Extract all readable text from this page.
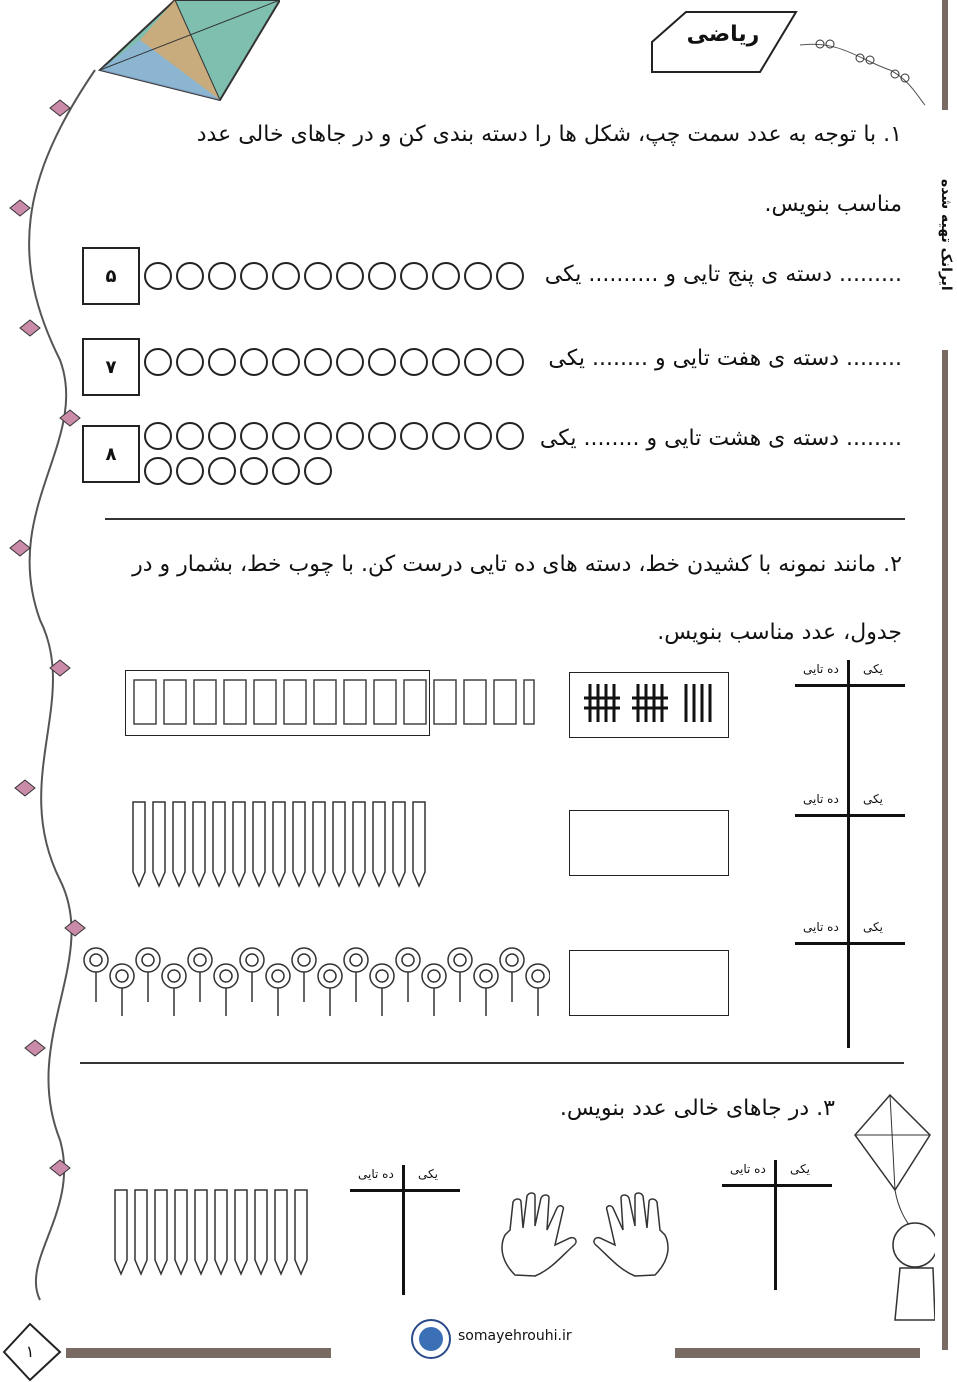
ریاضی
ایرانک تهیه شده
۱. با توجه به عدد سمت چپ، شکل ها را دسته بندی کن و در جاهای خالی عدد
مناسب بنویس.
......... دسته ی پنج تایی و .......... یکی
۵
........ دسته ی هفت تایی و ........ یکی
۷
........ دسته ی هشت تایی و ........ یکی
۸
۲. مانند نمونه با کشیدن خط، دسته های ده تایی درست کن. با چوب خط، بشمار و در
جدول، عدد مناسب بنویس.
یکی
ده تایی
یکی
ده تایی
یکی
ده تایی
۳. در جاهای خالی عدد بنویس.
یکی
ده تایی	یکی
ده تایی
۱
somayehrouhi.ir
